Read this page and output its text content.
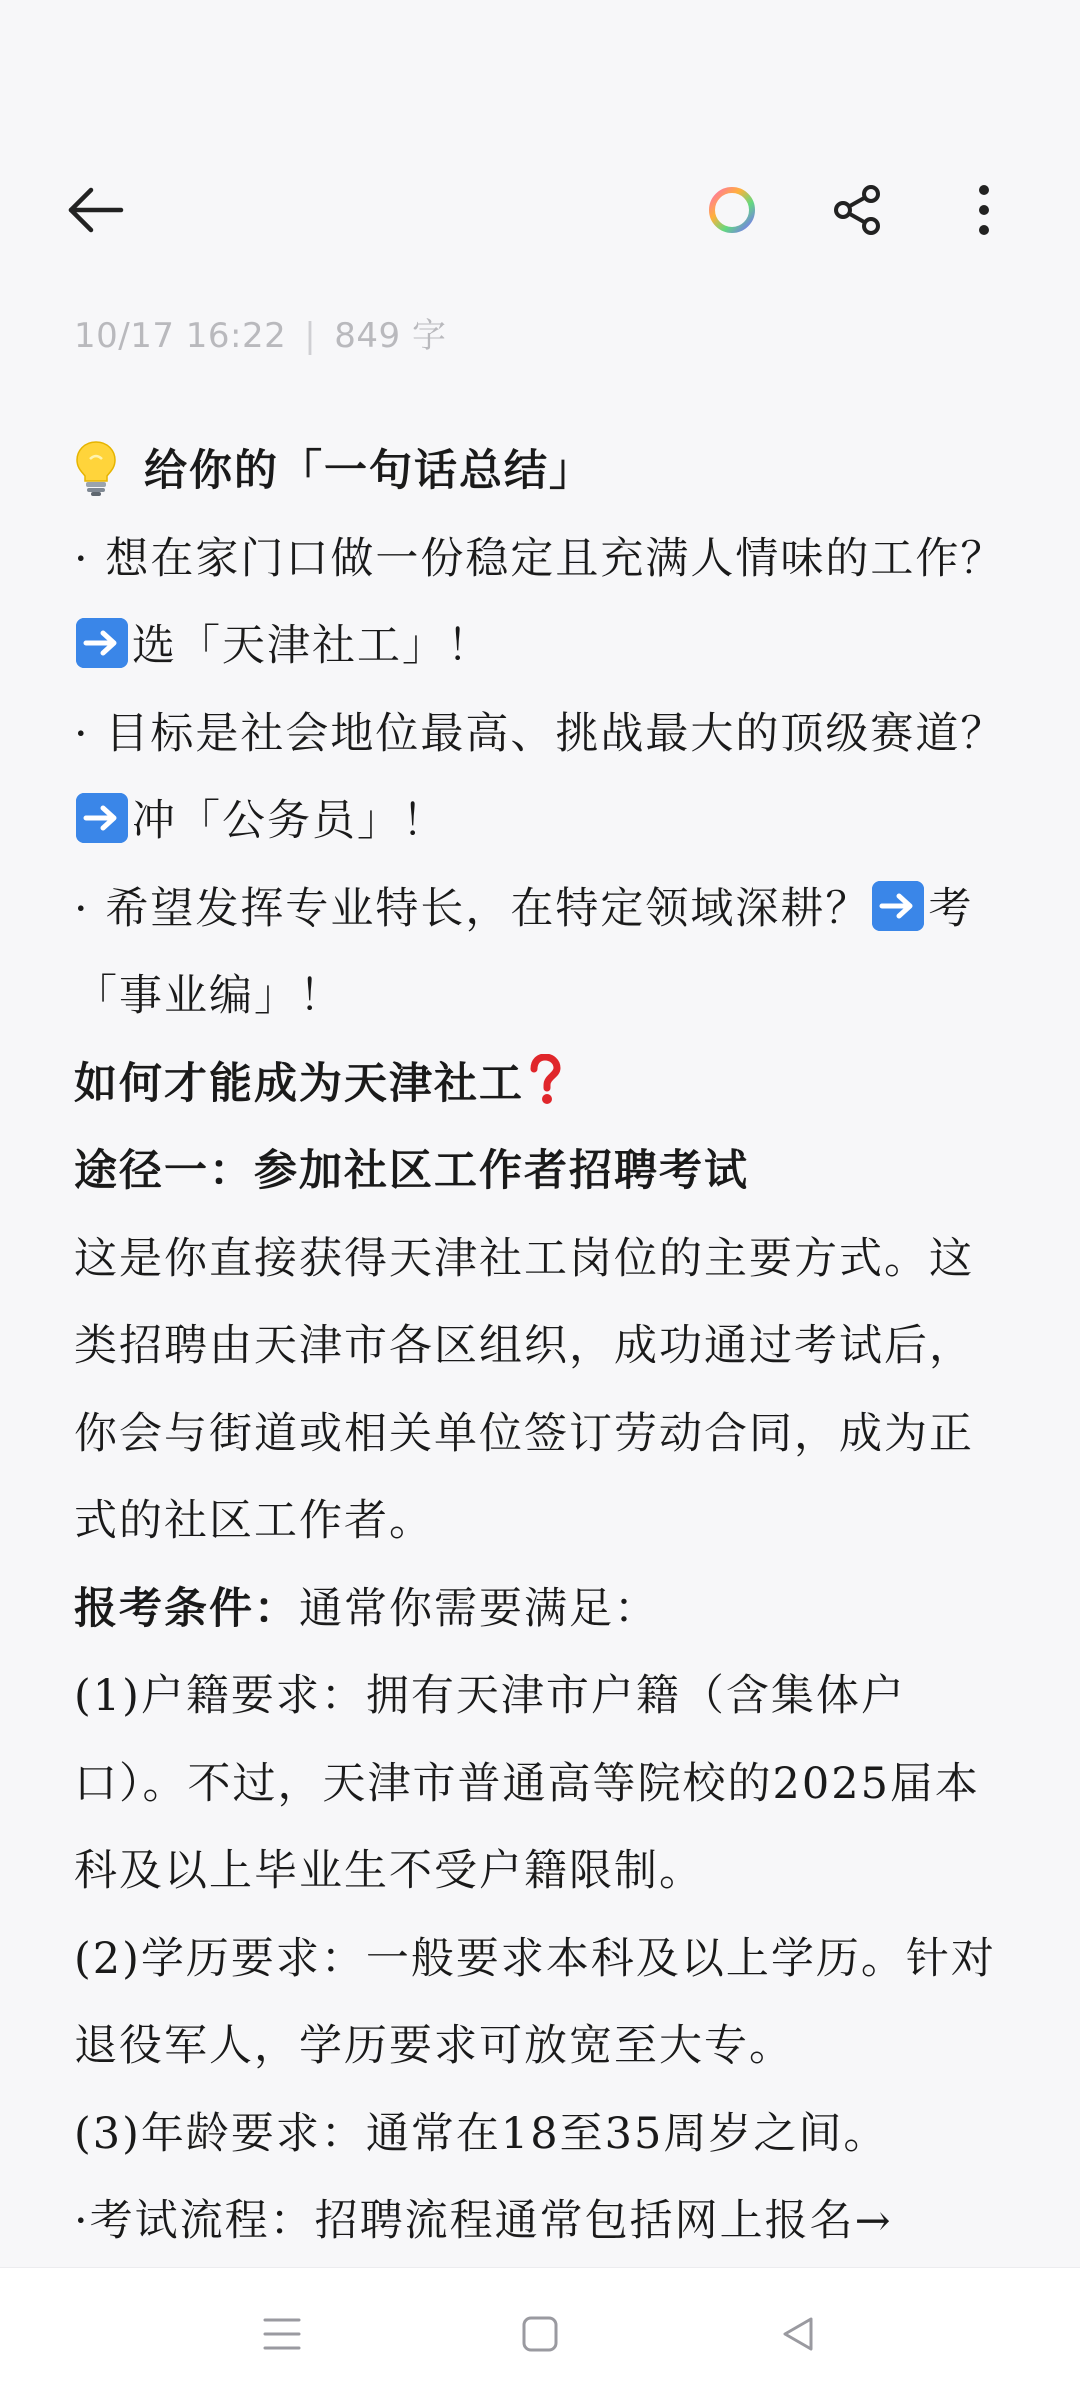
10/17 16:22 | 849 字

给你的「一句话总结」

· 想在家门口做一份稳定且充满人情味的工作？选「天津社工」！

· 目标是社会地位最高、挑战最大的顶级赛道？冲「公务员」！

· 希望发挥专业特长，在特定领域深耕？ 考「事业编」！

如何才能成为天津社工

途径一：参加社区工作者招聘考试

这是你直接获得天津社工岗位的主要方式。这类招聘由天津市各区组织，成功通过考试后，你会与街道或相关单位签订劳动合同，成为正式的社区工作者。

报考条件：通常你需要满足：

(1)户籍要求：拥有天津市户籍（含集体户口）。不过，天津市普通高等院校的2025届本科及以上毕业生不受户籍限制。

(2)学历要求：一般要求本科及以上学历。针对退役军人，学历要求可放宽至大专。

(3)年龄要求：通常在18至35周岁之间。

·考试流程：招聘流程通常包括网上报名→
